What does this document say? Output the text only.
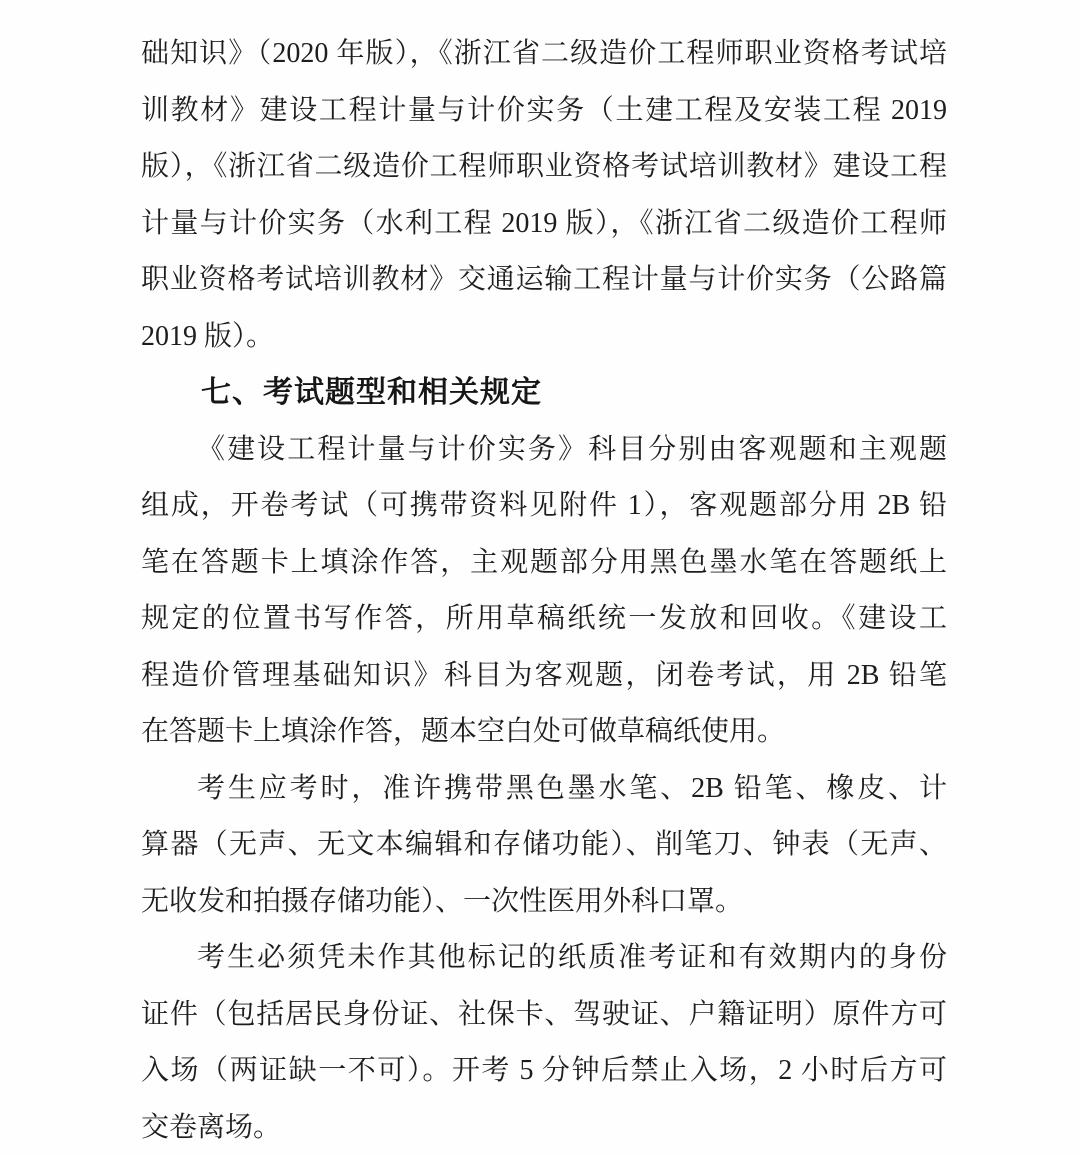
础知识》（2020 年版），《浙江省二级造价工程师职业资格考试培

训教材》建设工程计量与计价实务（土建工程及安装工程 2019

版），《浙江省二级造价工程师职业资格考试培训教材》建设工程

计量与计价实务（水利工程 2019 版），《浙江省二级造价工程师

职业资格考试培训教材》交通运输工程计量与计价实务（公路篇

2019 版）。

七、考试题型和相关规定

《建设工程计量与计价实务》科目分别由客观题和主观题

组成，开卷考试（可携带资料见附件 1），客观题部分用 2B 铅

笔在答题卡上填涂作答，主观题部分用黑色墨水笔在答题纸上

规定的位置书写作答，所用草稿纸统一发放和回收。《建设工

程造价管理基础知识》科目为客观题，闭卷考试，用 2B 铅笔

在答题卡上填涂作答，题本空白处可做草稿纸使用。

考生应考时，准许携带黑色墨水笔、2B 铅笔、橡皮、计

算器（无声、无文本编辑和存储功能）、削笔刀、钟表（无声、

无收发和拍摄存储功能）、一次性医用外科口罩。

考生必须凭未作其他标记的纸质准考证和有效期内的身份

证件（包括居民身份证、社保卡、驾驶证、户籍证明）原件方可

入场（两证缺一不可）。开考 5 分钟后禁止入场，2 小时后方可

交卷离场。
